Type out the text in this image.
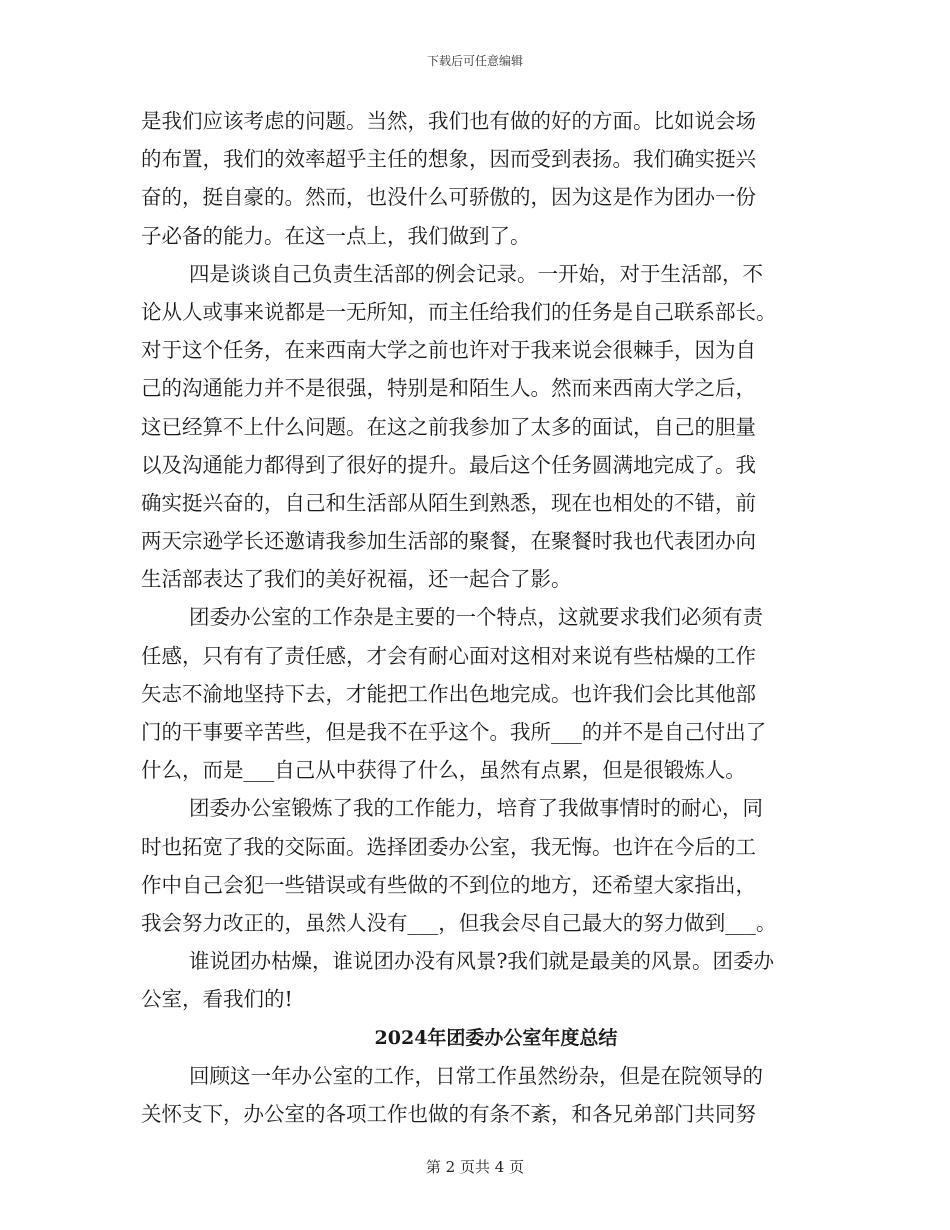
下载后可任意编辑
是我们应该考虑的问题。当然，我们也有做的好的方面。比如说会场
的布置，我们的效率超乎主任的想象，因而受到表扬。我们确实挺兴
奋的，挺自豪的。然而，也没什么可骄傲的，因为这是作为团办一份
子必备的能力。在这一点上，我们做到了。
四是谈谈自己负责生活部的例会记录。一开始，对于生活部，不
论从人或事来说都是一无所知，而主任给我们的任务是自己联系部长。
对于这个任务，在来西南大学之前也许对于我来说会很棘手，因为自
己的沟通能力并不是很强，特别是和陌生人。然而来西南大学之后，
这已经算不上什么问题。在这之前我参加了太多的面试，自己的胆量
以及沟通能力都得到了很好的提升。最后这个任务圆满地完成了。我
确实挺兴奋的，自己和生活部从陌生到熟悉，现在也相处的不错，前
两天宗逊学长还邀请我参加生活部的聚餐，在聚餐时我也代表团办向
生活部表达了我们的美好祝福，还一起合了影。
团委办公室的工作杂是主要的一个特点，这就要求我们必须有责
任感，只有有了责任感，才会有耐心面对这相对来说有些枯燥的工作
矢志不渝地坚持下去，才能把工作出色地完成。也许我们会比其他部
门的干事要辛苦些，但是我不在乎这个。我所___的并不是自己付出了
什么，而是___自己从中获得了什么，虽然有点累，但是很锻炼人。
团委办公室锻炼了我的工作能力，培育了我做事情时的耐心，同
时也拓宽了我的交际面。选择团委办公室，我无悔。也许在今后的工
作中自己会犯一些错误或有些做的不到位的地方，还希望大家指出，
我会努力改正的，虽然人没有___，但我会尽自己最大的努力做到___。
谁说团办枯燥，谁说团办没有风景?我们就是最美的风景。团委办
公室，看我们的!
2024年团委办公室年度总结
回顾这一年办公室的工作，日常工作虽然纷杂，但是在院领导的
关怀支下，办公室的各项工作也做的有条不紊，和各兄弟部门共同努
第 2 页共 4 页
